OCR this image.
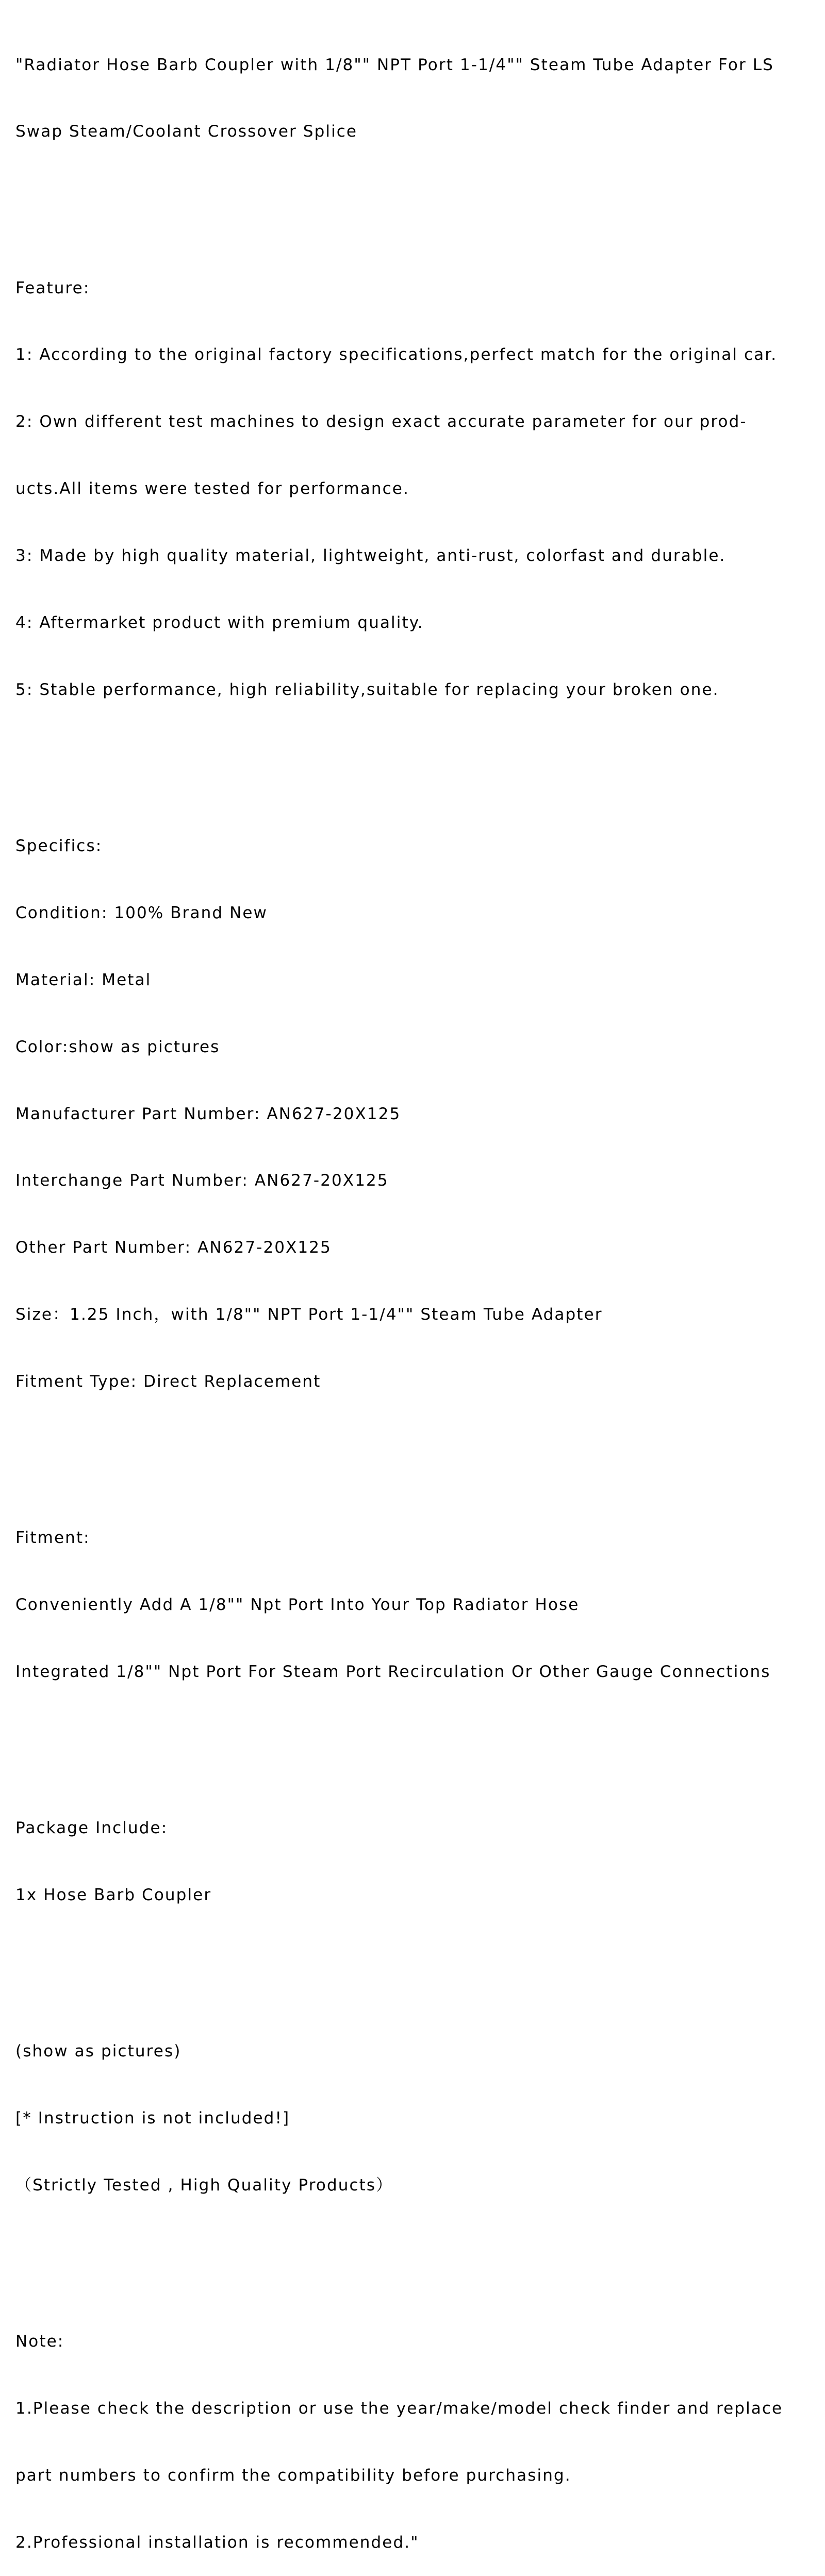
"Radiator Hose Barb Coupler with 1/8"" NPT Port 1-1/4"" Steam Tube Adapter For LS

Swap Steam/Coolant Crossover Splice

Feature:

1: According to the original factory specifications,perfect match for the original car.

2: Own different test machines to design exact accurate parameter for our prod-

ucts.All items were tested for performance.

3: Made by high quality material, lightweight, anti-rust, colorfast and durable.

4: Aftermarket product with premium quality.

5: Stable performance, high reliability,suitable for replacing your broken one.

Specifics:

Condition: 100% Brand New

Material: Metal

Color:show as pictures

Manufacturer Part Number: AN627-20X125

Interchange Part Number: AN627-20X125

Other Part Number: AN627-20X125

Size：1.25 Inch，with 1/8"" NPT Port 1-1/4"" Steam Tube Adapter

Fitment Type: Direct Replacement

Fitment:

Conveniently Add A 1/8"" Npt Port Into Your Top Radiator Hose

Integrated 1/8"" Npt Port For Steam Port Recirculation Or Other Gauge Connections

Package Include:

1x Hose Barb Coupler

(show as pictures)

[* Instruction is not included!]

（Strictly Tested , High Quality Products）

Note:

1.Please check the description or use the year/make/model check finder and replace

part numbers to confirm the compatibility before purchasing.

2.Professional installation is recommended."
